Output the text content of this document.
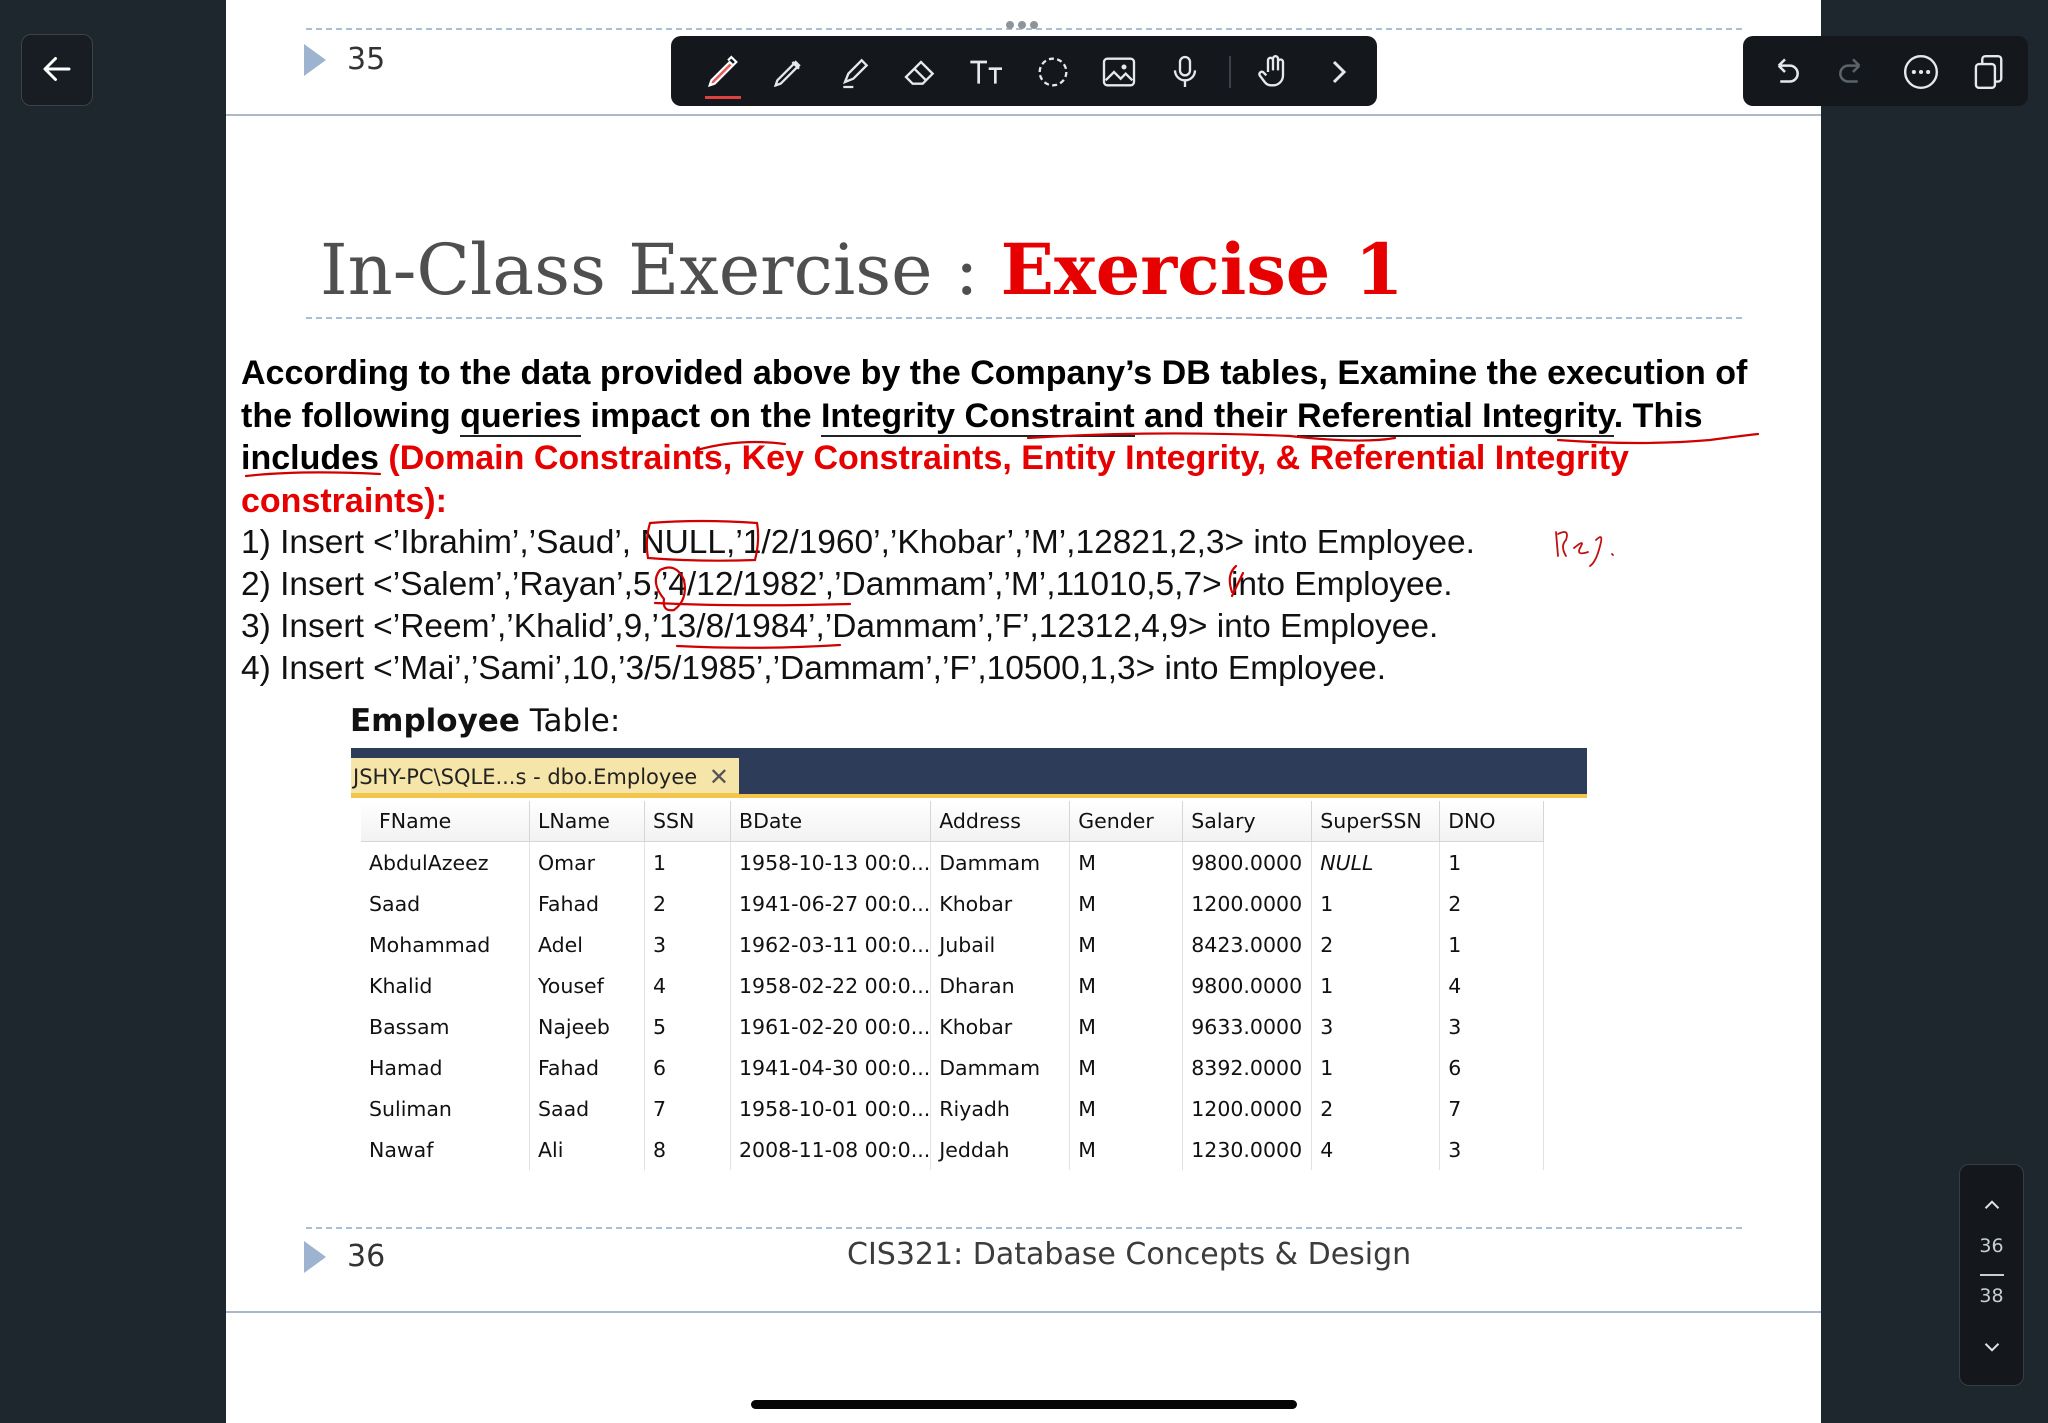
35
In-Class Exercise : Exercise 1
According to the data provided above by the Company’s DB tables, Examine the execution of the following queries impact on the Integrity Constraint and their Referential Integrity. This includes (Domain Constraints, Key Constraints, Entity Integrity, & Referential Integrity constraints):
1) Insert <’Ibrahim’,’Saud’, NULL,’1/2/1960’,’Khobar’,’M’,12821,2,3> into Employee.
2) Insert <’Salem’,’Rayan’,5,’4/12/1982’,’Dammam’,’M’,11010,5,7> into Employee.
3) Insert <’Reem’,’Khalid’,9,’13/8/1984’,’Dammam’,’F’,12312,4,9> into Employee.
4) Insert <’Mai’,’Sami’,10,’3/5/1985’,’Dammam’,’F’,10500,1,3> into Employee.
Employee Table:
JSHY-PC\SQLE...s - dbo.Employee ✕
FName	LName	SSN	BDate	Address	Gender	Salary	SuperSSN	DNO
AbdulAzeez	Omar	1	1958-10-13 00:0...	Dammam	M	9800.0000	NULL	1
Saad	Fahad	2	1941-06-27 00:0...	Khobar	M	1200.0000	1	2
Mohammad	Adel	3	1962-03-11 00:0...	Jubail	M	8423.0000	2	1
Khalid	Yousef	4	1958-02-22 00:0...	Dharan	M	9800.0000	1	4
Bassam	Najeeb	5	1961-02-20 00:0...	Khobar	M	9633.0000	3	3
Hamad	Fahad	6	1941-04-30 00:0...	Dammam	M	8392.0000	1	6
Suliman	Saad	7	1958-10-01 00:0...	Riyadh	M	1200.0000	2	7
Nawaf	Ali	8	2008-11-08 00:0...	Jeddah	M	1230.0000	4	3
36	CIS321: Database Concepts & Design	36
38
